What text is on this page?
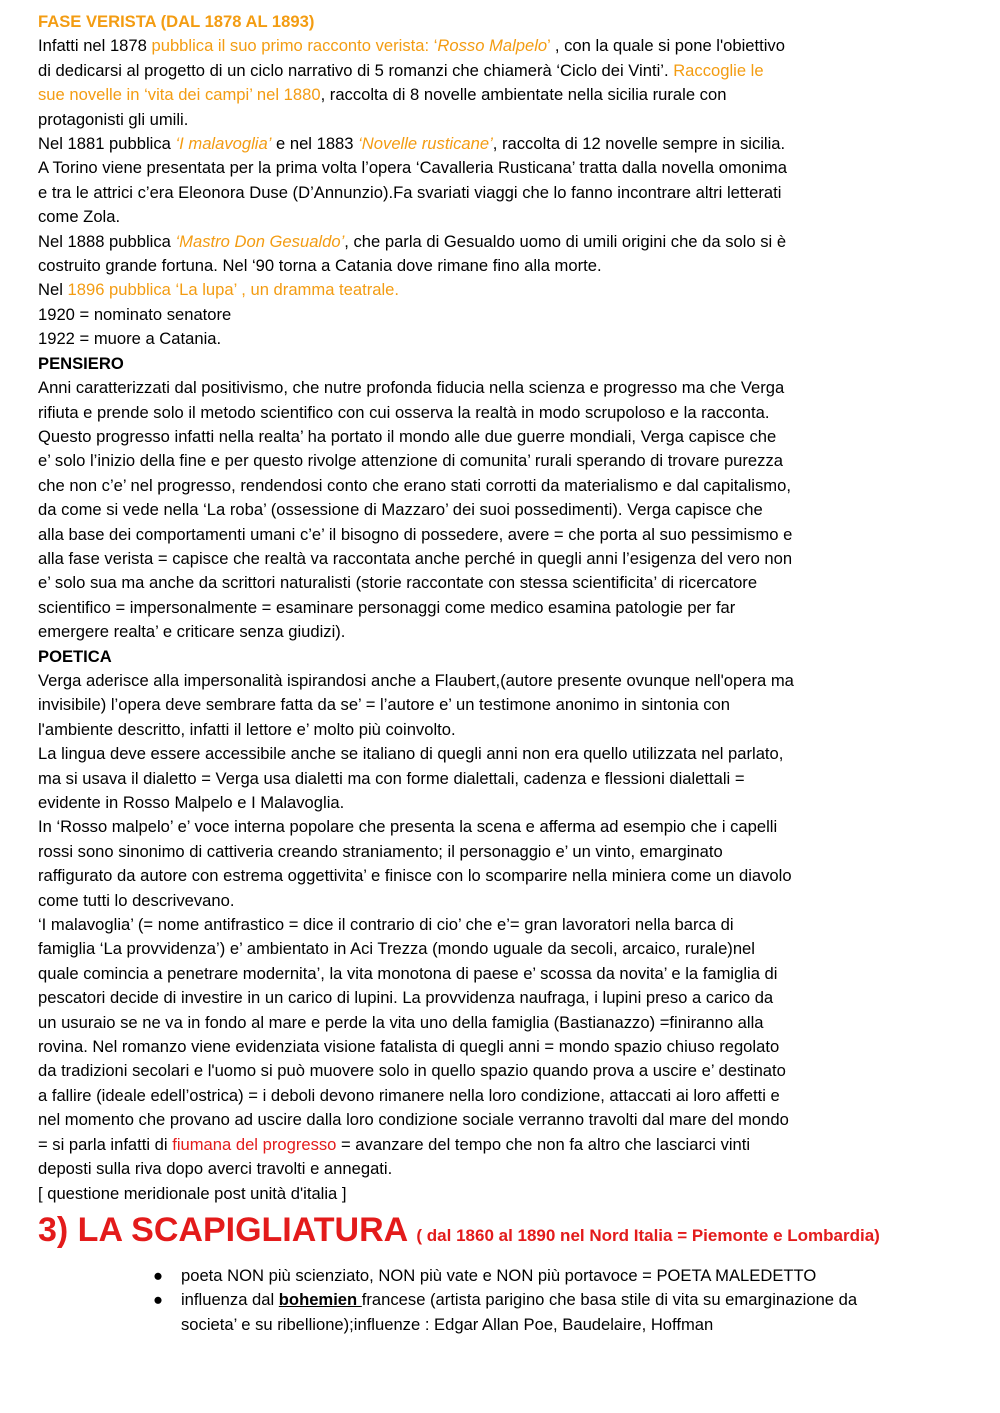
FASE VERISTA (DAL 1878 AL 1893)

Infatti nel 1878 pubblica il suo primo racconto verista: ‘Rosso Malpelo’ , con la quale si pone l'obiettivo

di dedicarsi al progetto di un ciclo narrativo di 5 romanzi che chiamerà ‘Ciclo dei Vinti’. Raccoglie le

sue novelle in ‘vita dei campi’ nel 1880, raccolta di 8 novelle ambientate nella sicilia rurale con

protagonisti gli umili.

Nel 1881 pubblica ‘I malavoglia’ e nel 1883 ‘Novelle rusticane’, raccolta di 12 novelle sempre in sicilia.

A Torino viene presentata per la prima volta l’opera ‘Cavalleria Rusticana’ tratta dalla novella omonima

e tra le attrici c’era Eleonora Duse (D’Annunzio).Fa svariati viaggi che lo fanno incontrare altri letterati

come Zola.

Nel 1888 pubblica ‘Mastro Don Gesualdo’, che parla di Gesualdo uomo di umili origini che da solo si è

costruito grande fortuna. Nel ‘90 torna a Catania dove rimane fino alla morte.

Nel 1896 pubblica ‘La lupa’ , un dramma teatrale.

1920 = nominato senatore

1922 = muore a Catania.

PENSIERO

Anni caratterizzati dal positivismo, che nutre profonda fiducia nella scienza e progresso ma che Verga

rifiuta e prende solo il metodo scientifico con cui osserva la realtà in modo scrupoloso e la racconta.

Questo progresso infatti nella realta’ ha portato il mondo alle due guerre mondiali, Verga capisce che

e’ solo l’inizio della fine e per questo rivolge attenzione di comunita’ rurali sperando di trovare purezza

che non c’e’ nel progresso, rendendosi conto che erano stati corrotti da materialismo e dal capitalismo,

da come si vede nella ‘La roba’ (ossessione di Mazzaro’ dei suoi possedimenti). Verga capisce che

alla base dei comportamenti umani c’e’ il bisogno di possedere, avere = che porta al suo pessimismo e

alla fase verista = capisce che realtà va raccontata anche perché in quegli anni l’esigenza del vero non

e’ solo sua ma anche da scrittori naturalisti (storie raccontate con stessa scientificita’ di ricercatore

scientifico = impersonalmente = esaminare personaggi come medico esamina patologie per far

emergere realta’ e criticare senza giudizi).

POETICA

Verga aderisce alla impersonalità ispirandosi anche a Flaubert,(autore presente ovunque nell'opera ma

invisibile) l’opera deve sembrare fatta da se’ = l’autore e’ un testimone anonimo in sintonia con

l'ambiente descritto, infatti il lettore e’ molto più coinvolto.

La lingua deve essere accessibile anche se italiano di quegli anni non era quello utilizzata nel parlato,

ma si usava il dialetto = Verga usa dialetti ma con forme dialettali, cadenza e flessioni dialettali =

evidente in Rosso Malpelo e I Malavoglia.

In ‘Rosso malpelo’ e’ voce interna popolare che presenta la scena e afferma ad esempio che i capelli

rossi sono sinonimo di cattiveria creando straniamento; il personaggio e’ un vinto, emarginato

raffigurato da autore con estrema oggettivita’ e finisce con lo scomparire nella miniera come un diavolo

come tutti lo descrivevano.

‘I malavoglia’ (= nome antifrastico = dice il contrario di cio’ che e’= gran lavoratori nella barca di

famiglia ‘La provvidenza’) e’ ambientato in Aci Trezza (mondo uguale da secoli, arcaico, rurale)nel

quale comincia a penetrare modernita’, la vita monotona di paese e’ scossa da novita’ e la famiglia di

pescatori decide di investire in un carico di lupini. La provvidenza naufraga, i lupini preso a carico da

un usuraio se ne va in fondo al mare e perde la vita uno della famiglia (Bastianazzo) =finiranno alla

rovina. Nel romanzo viene evidenziata visione fatalista di quegli anni = mondo spazio chiuso regolato

da tradizioni secolari e l'uomo si può muovere solo in quello spazio quando prova a uscire e’ destinato

a fallire (ideale edell’ostrica) = i deboli devono rimanere nella loro condizione, attaccati ai loro affetti e

nel momento che provano ad uscire dalla loro condizione sociale verranno travolti dal mare del mondo

= si parla infatti di fiumana del progresso = avanzare del tempo che non fa altro che lasciarci vinti

deposti sulla riva dopo averci travolti e annegati.

[ questione meridionale post unità d'italia ]

3) LA SCAPIGLIATURA ( dal 1860 al 1890 nel Nord Italia = Piemonte e Lombardia)
● poeta NON più scienziato, NON più vate e NON più portavoce = POETA MALEDETTO
● influenza dal bohemien francese (artista parigino che basa stile di vita su emarginazione da
societa’ e su ribellione);influenze : Edgar Allan Poe, Baudelaire, Hoffman
